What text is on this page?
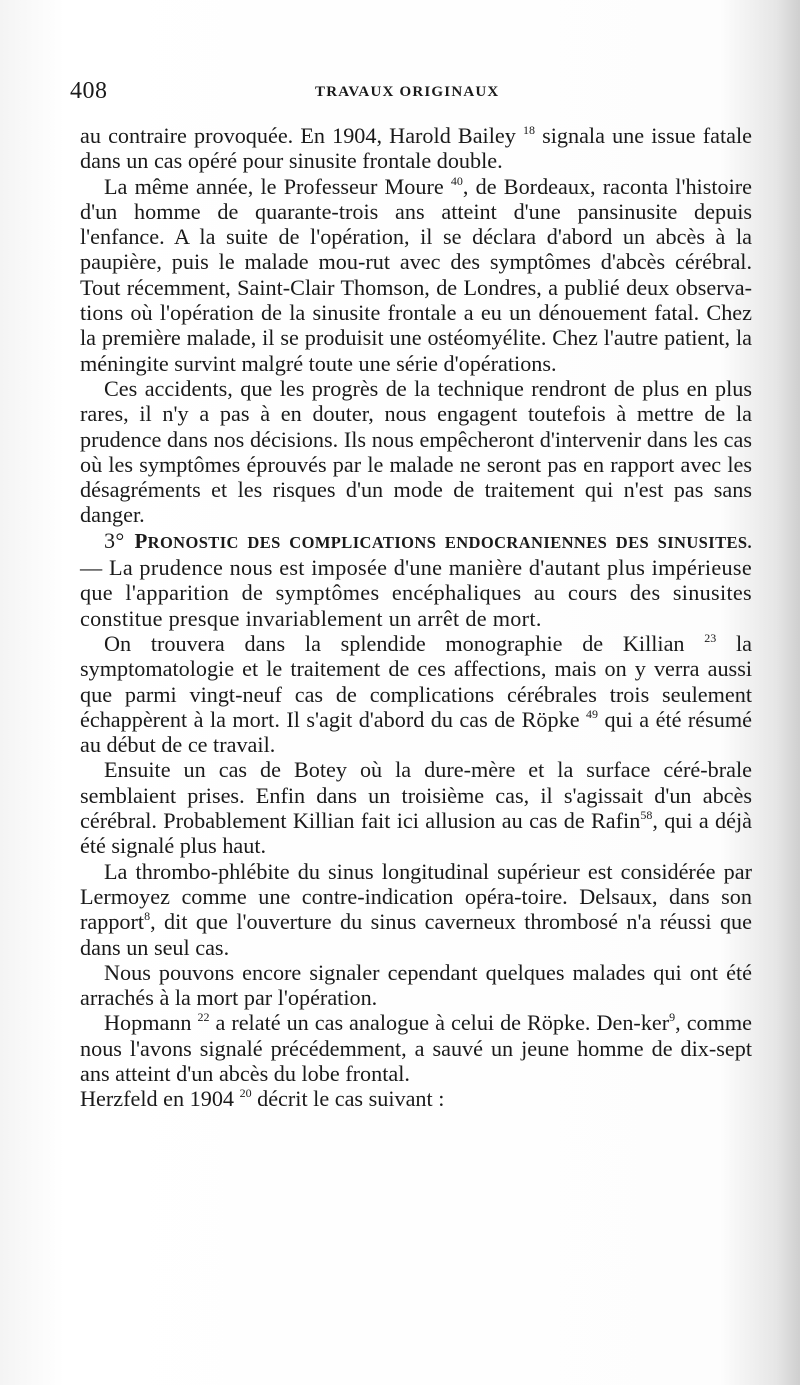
408	TRAVAUX ORIGINAUX

au contraire provoquée. En 1904, Harold Bailey $^{18}$ signala une issue fatale dans un cas opéré pour sinusite frontale double.

La même année, le Professeur Moure $^{40}$, de Bordeaux, raconta l'histoire d'un homme de quarante-trois ans atteint d'une pansinusite depuis l'enfance. A la suite de l'opération, il se déclara d'abord un abcès à la paupière, puis le malade mou-rut avec des symptômes d'abcès cérébral. Tout récemment, Saint-Clair Thomson, de Londres, a publié deux observa-tions où l'opération de la sinusite frontale a eu un dénouement fatal. Chez la première malade, il se produisit une ostéomyélite. Chez l'autre patient, la méningite survint malgré toute une série d'opérations.

Ces accidents, que les progrès de la technique rendront de plus en plus rares, il n'y a pas à en douter, nous engagent toutefois à mettre de la prudence dans nos décisions. Ils nous empêcheront d'intervenir dans les cas où les symptômes éprouvés par le malade ne seront pas en rapport avec les désagréments et les risques d'un mode de traitement qui n'est pas sans danger.

3° PRONOSTIC DES COMPLICATIONS ENDOCRANIENNES DES SINUSITES. — La prudence nous est imposée d'une manière d'autant plus impérieuse que l'apparition de symptômes encéphaliques au cours des sinusites constitue presque invariablement un arrêt de mort.

On trouvera dans la splendide monographie de Killian $^{23}$ la symptomatologie et le traitement de ces affections, mais on y verra aussi que parmi vingt-neuf cas de complications cérébrales trois seulement échappèrent à la mort. Il s'agit d'abord du cas de Röpke $^{49}$ qui a été résumé au début de ce travail.

Ensuite un cas de Botey où la dure-mère et la surface céré-brale semblaient prises. Enfin dans un troisième cas, il s'agissait d'un abcès cérébral. Probablement Killian fait ici allusion au cas de Rafin$^{58}$, qui a déjà été signalé plus haut.

La thrombo-phlébite du sinus longitudinal supérieur est considérée par Lermoyez comme une contre-indication opéra-toire. Delsaux, dans son rapport$^8$, dit que l'ouverture du sinus caverneux thrombosé n'a réussi que dans un seul cas.

Nous pouvons encore signaler cependant quelques malades qui ont été arrachés à la mort par l'opération.

Hopmann $^{22}$ a relaté un cas analogue à celui de Röpke. Den-ker$^9$, comme nous l'avons signalé précédemment, a sauvé un jeune homme de dix-sept ans atteint d'un abcès du lobe frontal.

Herzfeld en 1904 $^{20}$ décrit le cas suivant :
